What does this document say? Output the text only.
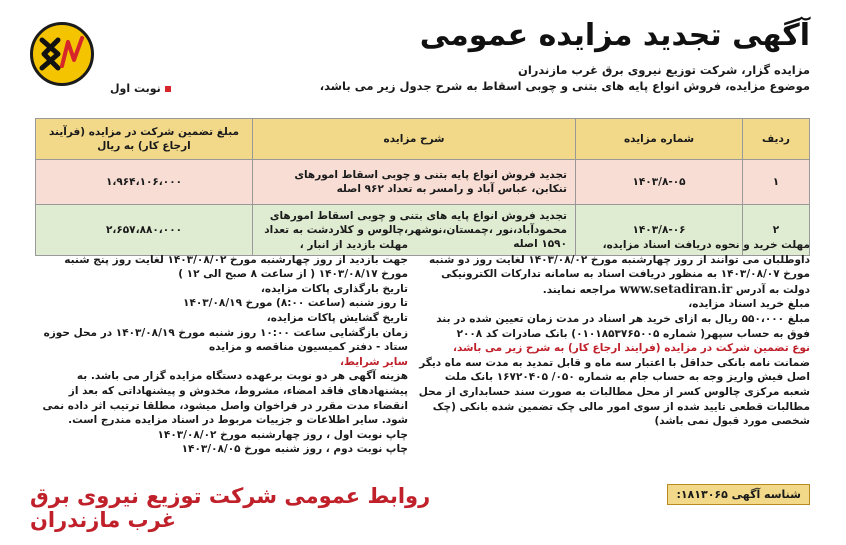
نوبت اول
آگهی تجدید مزایده عمومی
مزایده گزار، شرکت توزیع نیروی برق غرب مازندران
موضوع مزایده، فروش انواع پایه های بتنی و چوبی اسقاط به شرح جدول زیر می باشد،
ردیف	شماره مزایده	شرح مزایده	مبلغ تضمین شرکت در مزایده (فرآیند ارجاع کار) به ریال
۱	۱۴۰۳/۸-۰۵	تجدید فروش انواع پایه بتنی و چوبی اسقاط امورهای تنکابن، عباس آباد و رامسر به تعداد ۹۶۲ اصله	۱،۹۶۴،۱۰۶،۰۰۰
۲	۱۴۰۳/۸-۰۶	تجدید فروش انواع پایه های بتنی و چوبی اسقاط امورهای محمودآباد،نور ،چمستان،نوشهر،چالوس و کلاردشت به تعداد ۱۵۹۰ اصله	۲،۶۵۷،۸۸۰،۰۰۰

مهلت خرید و نحوه دریافت اسناد مزایده،

داوطلبان می توانند از روز چهارشنبه مورخ ۱۴۰۳/۰۸/۰۲ لغایت روز دو شنبه مورخ ۱۴۰۳/۰۸/۰۷ به منظور دریافت اسناد به سامانه تدارکات الکترونیکی دولت به آدرس www.setadiran.ir مراجعه نمایند.

مبلغ خرید اسناد مزایده،

مبلغ ۵۵۰،۰۰۰ ریال به ازای خرید هر اسناد در مدت زمان تعیین شده در بند فوق به حساب سپهر( شماره ۰۱۰۱۸۵۳۷۶۵۰۰۵) بانک صادرات کد ۲۰۰۸

نوع تضمین شرکت در مزایده (فرایند ارجاع کار) به شرح زیر می باشد،

ضمانت نامه بانکی حداقل با اعتبار سه ماه و قابل تمدید به مدت سه ماه دیگر اصل فیش واریز وجه به حساب جام به شماره ۰۵۰/ ۱۶۷۲۰۴۰۵ بانک ملت شعبه مرکزی چالوس کسر از محل مطالبات به صورت سند حسابداری از محل مطالبات قطعی تایید شده از سوی امور مالی چک تضمین شده بانکی (چک شخصی مورد قبول نمی باشد)

مهلت بازدید از انبار ،

جهت بازدید از روز چهارشنبه مورخ ۱۴۰۳/۰۸/۰۲ لغایت روز پنج شنبه مورخ ۱۴۰۳/۰۸/۱۷ ( از ساعت ۸ صبح الی ۱۲ )

تاریخ بارگذاری پاکات مزایده،

تا روز شنبه (ساعت ۸:۰۰) مورخ ۱۴۰۳/۰۸/۱۹

تاریخ گشایش پاکات مزایده،

زمان بازگشایی ساعت ۱۰:۰۰ روز شنبه مورخ ۱۴۰۳/۰۸/۱۹ در محل حوزه ستاد - دفتر کمیسیون مناقصه و مزایده

سایر شرایط،

هزینه آگهی هر دو نوبت برعهده دستگاه مزایده گزار می باشد. به پیشنهادهای فاقد امضاء، مشروط، مخدوش و پیشنهاداتی که بعد از انقضاء مدت مقرر در فراخوان واصل میشود، مطلقا ترتیب اثر داده نمی شود. سایر اطلاعات و جزییات مربوط در اسناد مزایده مندرج است.

چاپ نوبت اول ، روز چهارشنبه مورخ ۱۴۰۳/۰۸/۰۲

چاپ نوبت دوم ، روز شنبه مورخ ۱۴۰۳/۰۸/۰۵

شناسه آگهی ۱۸۱۳۰۶۵:
روابط عمومی شرکت توزیع نیروی برق غرب مازندران
